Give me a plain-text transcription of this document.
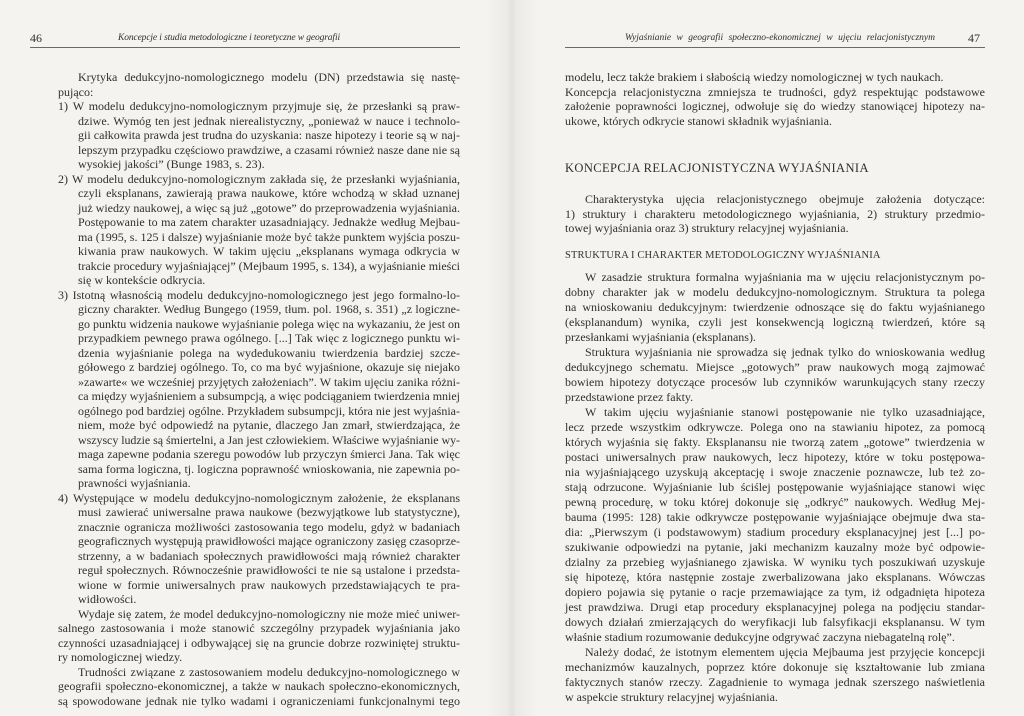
46	Koncepcje i studia metodologiczne i teoretyczne w geografii
Krytyka dedukcyjno-nomologicznego modelu (DN) przedstawia się nastę-
pująco:
1) W modelu dedukcyjno-nomologicznym przyjmuje się, że przesłanki są praw-
dziwe. Wymóg ten jest jednak nierealistyczny, „ponieważ w nauce i technolo-
gii całkowita prawda jest trudna do uzyskania: nasze hipotezy i teorie są w naj-
lepszym przypadku częściowo prawdziwe, a czasami również nasze dane nie są
wysokiej jakości” (Bunge 1983, s. 23).
2) W modelu dedukcyjno-nomologicznym zakłada się, że przesłanki wyjaśniania,
czyli eksplanans, zawierają prawa naukowe, które wchodzą w skład uznanej
już wiedzy naukowej, a więc są już „gotowe” do przeprowadzenia wyjaśniania.
Postępowanie to ma zatem charakter uzasadniający. Jednakże według Mejbau-
ma (1995, s. 125 i dalsze) wyjaśnianie może być także punktem wyjścia poszu-
kiwania praw naukowych. W takim ujęciu „eksplanans wymaga odkrycia w
trakcie procedury wyjaśniającej” (Mejbaum 1995, s. 134), a wyjaśnianie mieści
się w kontekście odkrycia.
3) Istotną własnością modelu dedukcyjno-nomologicznego jest jego formalno-lo-
giczny charakter. Według Bungego (1959, tłum. pol. 1968, s. 351) „z logiczne-
go punktu widzenia naukowe wyjaśnianie polega więc na wykazaniu, że jest on
przypadkiem pewnego prawa ogólnego. [...] Tak więc z logicznego punktu wi-
dzenia wyjaśnianie polega na wydedukowaniu twierdzenia bardziej szcze-
gółowego z bardziej ogólnego. To, co ma być wyjaśnione, okazuje się niejako
»zawarte« we wcześniej przyjętych założeniach”. W takim ujęciu zanika różni-
ca między wyjaśnieniem a subsumpcją, a więc podciąganiem twierdzenia mniej
ogólnego pod bardziej ogólne. Przykładem subsumpcji, która nie jest wyjaśnia-
niem, może być odpowiedź na pytanie, dlaczego Jan zmarł, stwierdzająca, że
wszyscy ludzie są śmiertelni, a Jan jest człowiekiem. Właściwe wyjaśnianie wy-
maga zapewne podania szeregu powodów lub przyczyn śmierci Jana. Tak więc
sama forma logiczna, tj. logiczna poprawność wnioskowania, nie zapewnia po-
prawności wyjaśniania.
4) Występujące w modelu dedukcyjno-nomologicznym założenie, że eksplanans
musi zawierać uniwersalne prawa naukowe (bezwyjątkowe lub statystyczne),
znacznie ogranicza możliwości zastosowania tego modelu, gdyż w badaniach
geograficznych występują prawidłowości mające ograniczony zasięg czasoprze-
strzenny, a w badaniach społecznych prawidłowości mają również charakter
reguł społecznych. Równocześnie prawidłowości te nie są ustalone i przedsta-
wione w formie uniwersalnych praw naukowych przedstawiających te pra-
widłowości.
Wydaje się zatem, że model dedukcyjno-nomologiczny nie może mieć uniwer-
salnego zastosowania i może stanowić szczególny przypadek wyjaśniania jako
czynności uzasadniającej i odbywającej się na gruncie dobrze rozwiniętej struktu-
ry nomologicznej wiedzy.
Trudności związane z zastosowaniem modelu dedukcyjno-nomologicznego w
geografii społeczno-ekonomicznej, a także w naukach społeczno-ekonomicznych,
są spowodowane jednak nie tylko wadami i ograniczeniami funkcjonalnymi tego
Wyjaśnianie w geografii społeczno-ekonomicznej w ujęciu relacjonistycznym	47
modelu, lecz także brakiem i słabością wiedzy nomologicznej w tych naukach.
Koncepcja relacjonistyczna zmniejsza te trudności, gdyż respektując podstawowe
założenie poprawności logicznej, odwołuje się do wiedzy stanowiącej hipotezy na-
ukowe, których odkrycie stanowi składnik wyjaśniania.
KONCEPCJA RELACJONISTYCZNA WYJAŚNIANIA
Charakterystyka ujęcia relacjonistycznego obejmuje założenia dotyczące:
1) struktury i charakteru metodologicznego wyjaśniania, 2) struktury przedmio-
towej wyjaśniania oraz 3) struktury relacyjnej wyjaśniania.
STRUKTURA I CHARAKTER METODOLOGICZNY WYJAŚNIANIA
W zasadzie struktura formalna wyjaśniania ma w ujęciu relacjonistycznym po-
dobny charakter jak w modelu dedukcyjno-nomologicznym. Struktura ta polega
na wnioskowaniu dedukcyjnym: twierdzenie odnoszące się do faktu wyjaśnianego
(eksplanandum) wynika, czyli jest konsekwencją logiczną twierdzeń, które są
przesłankami wyjaśniania (eksplanans).
Struktura wyjaśniania nie sprowadza się jednak tylko do wnioskowania według
dedukcyjnego schematu. Miejsce „gotowych” praw naukowych mogą zajmować
bowiem hipotezy dotyczące procesów lub czynników warunkujących stany rzeczy
przedstawione przez fakty.
W takim ujęciu wyjaśnianie stanowi postępowanie nie tylko uzasadniające,
lecz przede wszystkim odkrywcze. Polega ono na stawianiu hipotez, za pomocą
których wyjaśnia się fakty. Eksplanansu nie tworzą zatem „gotowe” twierdzenia w
postaci uniwersalnych praw naukowych, lecz hipotezy, które w toku postępowa-
nia wyjaśniającego uzyskują akceptację i swoje znaczenie poznawcze, lub też zo-
stają odrzucone. Wyjaśnianie lub ściślej postępowanie wyjaśniające stanowi więc
pewną procedurę, w toku której dokonuje się „odkryć” naukowych. Według Mej-
bauma (1995: 128) takie odkrywcze postępowanie wyjaśniające obejmuje dwa sta-
dia: „Pierwszym (i podstawowym) stadium procedury eksplanacyjnej jest [...] po-
szukiwanie odpowiedzi na pytanie, jaki mechanizm kauzalny może być odpowie-
dzialny za przebieg wyjaśnianego zjawiska. W wyniku tych poszukiwań uzyskuje
się hipotezę, która następnie zostaje zwerbalizowana jako eksplanans. Wówczas
dopiero pojawia się pytanie o racje przemawiające za tym, iż odgadnięta hipoteza
jest prawdziwa. Drugi etap procedury eksplanacyjnej polega na podjęciu standar-
dowych działań zmierzających do weryfikacji lub falsyfikacji eksplanansu. W tym
właśnie stadium rozumowanie dedukcyjne odgrywać zaczyna niebagatelną rolę”.
Należy dodać, że istotnym elementem ujęcia Mejbauma jest przyjęcie koncepcji
mechanizmów kauzalnych, poprzez które dokonuje się kształtowanie lub zmiana
faktycznych stanów rzeczy. Zagadnienie to wymaga jednak szerszego naświetlenia
w aspekcie struktury relacyjnej wyjaśniania.
